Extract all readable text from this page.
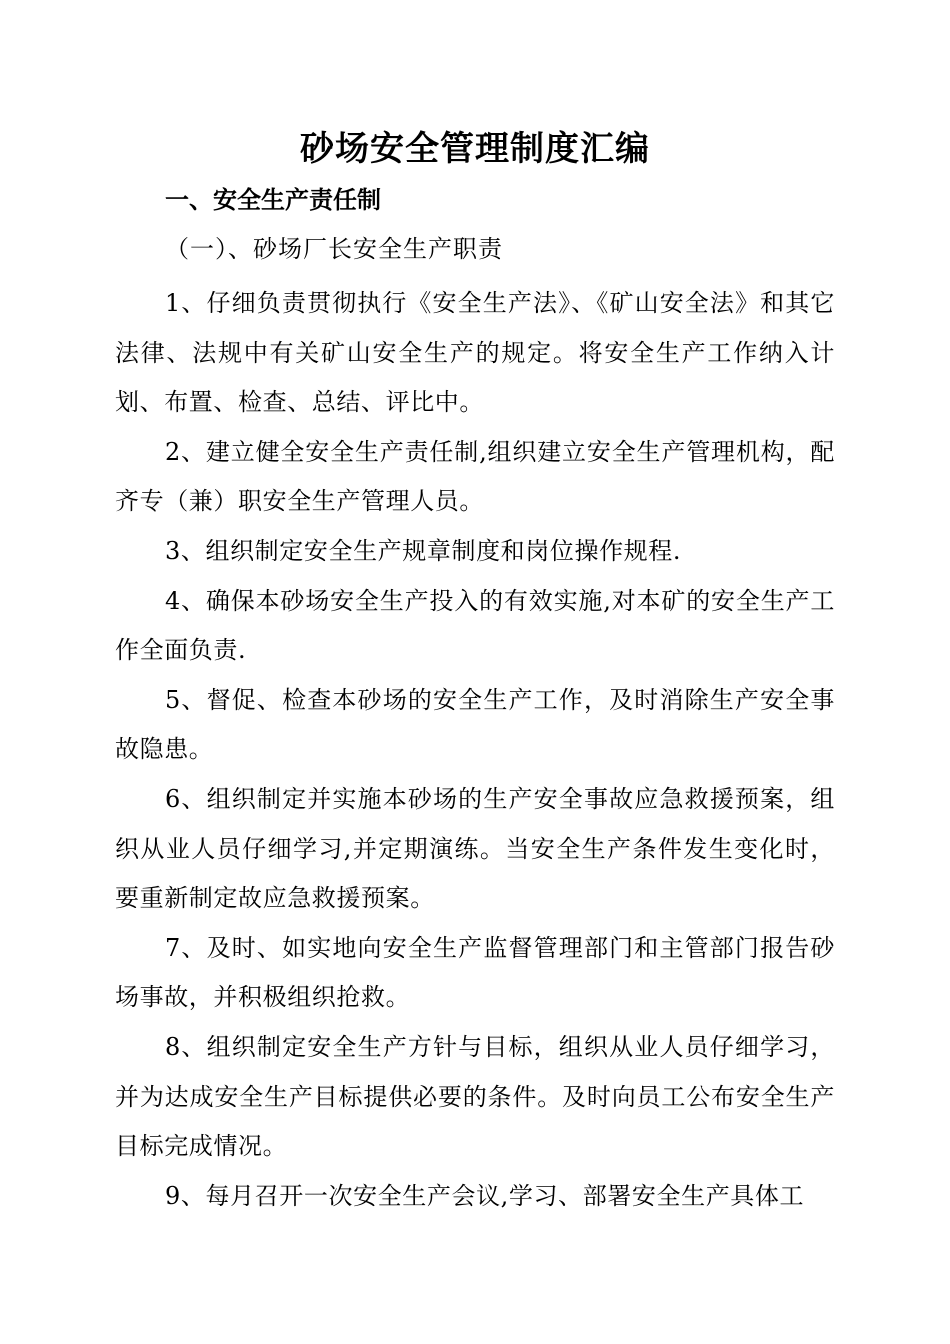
砂场安全管理制度汇编
一、安全生产责任制
（一）、砂场厂长安全生产职责

1、仔细负责贯彻执行《安全生产法》、《矿山安全法》和其它法律、法规中有关矿山安全生产的规定。将安全生产工作纳入计划、布置、检查、总结、评比中。

2、建立健全安全生产责任制,组织建立安全生产管理机构，配齐专（兼）职安全生产管理人员。

3、组织制定安全生产规章制度和岗位操作规程.

4、确保本砂场安全生产投入的有效实施,对本矿的安全生产工作全面负责.

5、督促、检查本砂场的安全生产工作，及时消除生产安全事故隐患。

6、组织制定并实施本砂场的生产安全事故应急救援预案，组织从业人员仔细学习,并定期演练。当安全生产条件发生变化时，要重新制定故应急救援预案。

7、及时、如实地向安全生产监督管理部门和主管部门报告砂场事故，并积极组织抢救。

8、组织制定安全生产方针与目标，组织从业人员仔细学习，并为达成安全生产目标提供必要的条件。及时向员工公布安全生产目标完成情况。

9、每月召开一次安全生产会议,学习、部署安全生产具体工
